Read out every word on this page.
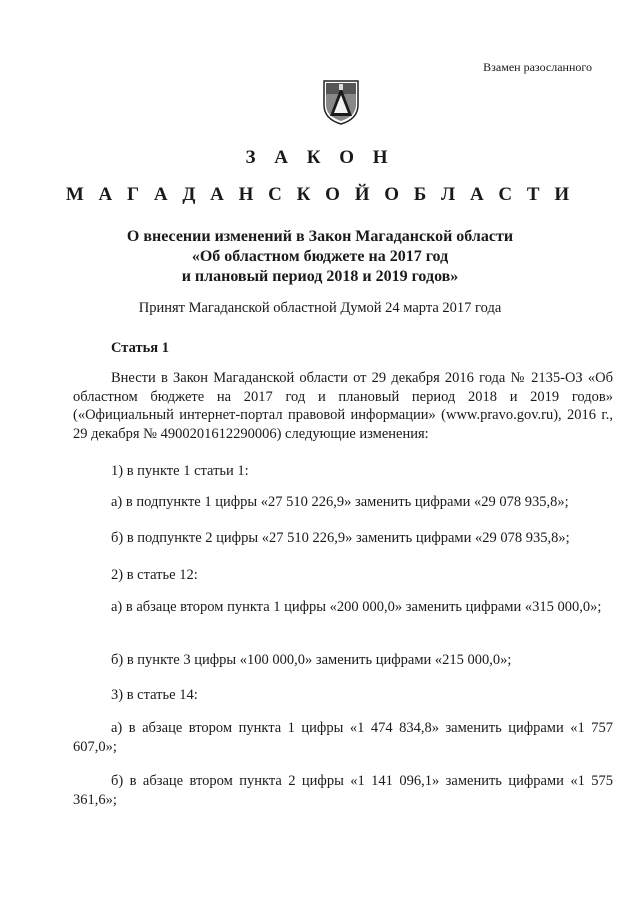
Взамен разосланного
З А К О Н
М А Г А Д А Н С К О Й О Б Л А С Т И
О внесении изменений в Закон Магаданской области
«Об областном бюджете на 2017 год
и плановый период 2018 и 2019 годов»
Принят Магаданской областной Думой 24 марта 2017 года
Статья 1
Внести в Закон Магаданской области от 29 декабря 2016 года № 2135-ОЗ «Об областном бюджете на 2017 год и плановый период 2018 и 2019 годов» («Официальный интернет-портал правовой информации» (www.pravo.gov.ru), 2016 г., 29 декабря № 4900201612290006) следующие изменения:
1) в пункте 1 статьи 1:
а) в подпункте 1 цифры «27 510 226,9» заменить цифрами «29 078 935,8»;
б) в подпункте 2 цифры «27 510 226,9» заменить цифрами «29 078 935,8»;
2) в статье 12:
а) в абзаце втором пункта 1 цифры «200 000,0» заменить цифрами «315 000,0»;
б) в пункте 3 цифры «100 000,0» заменить цифрами «215 000,0»;
3) в статье 14:
а) в абзаце втором пункта 1 цифры «1 474 834,8» заменить цифрами «1 757 607,0»;
б) в абзаце втором пункта 2 цифры «1 141 096,1» заменить цифрами «1 575 361,6»;
